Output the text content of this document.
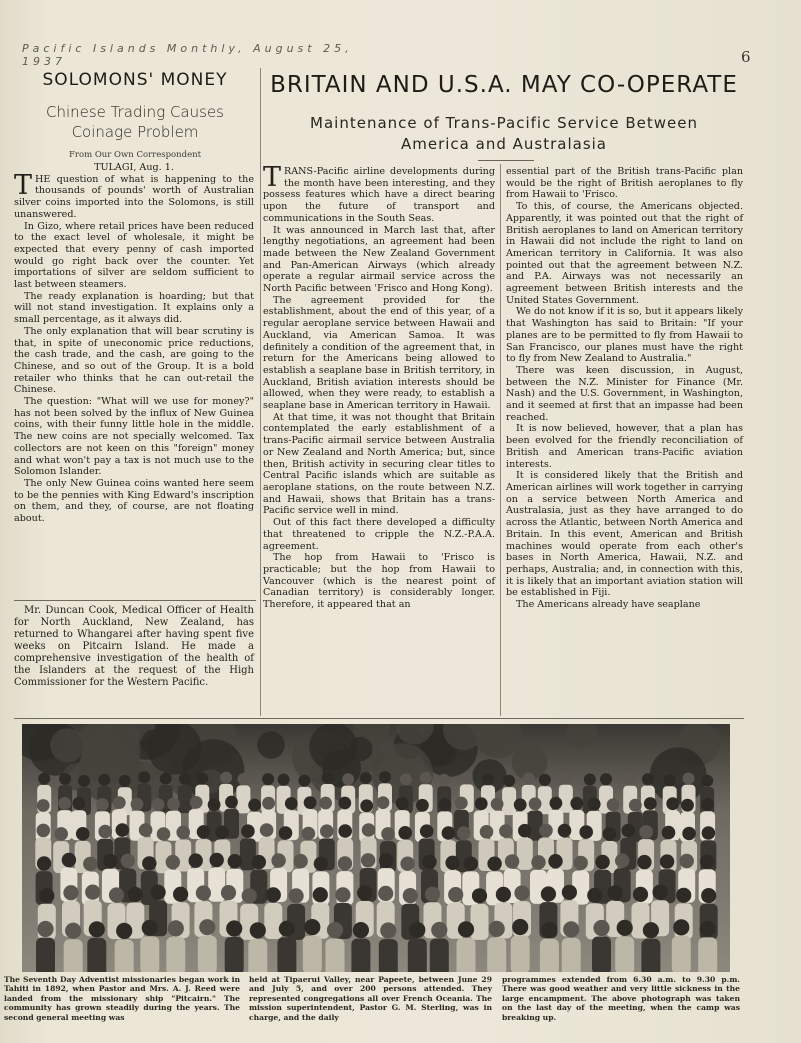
Pacific Islands Monthly, August 25, 1937	6
SOLOMONS' MONEY
Chinese Trading Causes
Coinage Problem
From Our Own Correspondent

TULAGI, Aug. 1.

THE question of what is happening to the thousands of pounds' worth of Australian silver coins imported into the Solomons, is still unanswered.

In Gizo, where retail prices have been reduced to the exact level of wholesale, it might be expected that every penny of cash imported would go right back over the counter. Yet importations of silver are seldom sufficient to last between steamers.

The ready explanation is hoarding; but that will not stand investigation. It explains only a small percentage, as it always did.

The only explanation that will bear scrutiny is that, in spite of uneconomic price reductions, the cash trade, and the cash, are going to the Chinese, and so out of the Group. It is a bold retailer who thinks that he can out-retail the Chinese.

The question: "What will we use for money?" has not been solved by the influx of New Guinea coins, with their funny little hole in the middle. The new coins are not specially welcomed. Tax collectors are not keen on this "foreign" money and what won't pay a tax is not much use to the Solomon Islander.

The only New Guinea coins wanted here seem to be the pennies with King Edward's inscription on them, and they, of course, are not floating about.

Mr. Duncan Cook, Medical Officer of Health for North Auckland, New Zealand, has returned to Whangarei after having spent five weeks on Pitcairn Island. He made a comprehensive investigation of the health of the Islanders at the request of the High Commissioner for the Western Pacific.

BRITAIN AND U.S.A. MAY CO-OPERATE
Maintenance of Trans-Pacific Service Between
America and Australasia

TRANS-Pacific airline developments during the month have been interesting, and they possess features which have a direct bearing upon the future of transport and communications in the South Seas.

It was announced in March last that, after lengthy negotiations, an agreement had been made between the New Zealand Government and Pan-American Airways (which already operate a regular airmail service across the North Pacific between 'Frisco and Hong Kong).

The agreement provided for the establishment, about the end of this year, of a regular aeroplane service between Hawaii and Auckland, via American Samoa. It was definitely a condition of the agreement that, in return for the Americans being allowed to establish a seaplane base in British territory, in Auckland, British aviation interests should be allowed, when they were ready, to establish a seaplane base in American territory in Hawaii.

At that time, it was not thought that Britain contemplated the early establishment of a trans-Pacific airmail service between Australia or New Zealand and North America; but, since then, British activity in securing clear titles to Central Pacific islands which are suitable as aeroplane stations, on the route between N.Z. and Hawaii, shows that Britain has a trans-Pacific service well in mind.

Out of this fact there developed a difficulty that threatened to cripple the N.Z.-P.A.A. agreement.

The hop from Hawaii to 'Frisco is practicable; but the hop from Hawaii to Vancouver (which is the nearest point of Canadian territory) is considerably longer. Therefore, it appeared that an

essential part of the British trans-Pacific plan would be the right of British aeroplanes to fly from Hawaii to 'Frisco.

To this, of course, the Americans objected. Apparently, it was pointed out that the right of British aeroplanes to land on American territory in Hawaii did not include the right to land on American territory in California. It was also pointed out that the agreement between N.Z. and P.A. Airways was not necessarily an agreement between British interests and the United States Government.

We do not know if it is so, but it appears likely that Washington has said to Britain: "If your planes are to be permitted to fly from Hawaii to San Francisco, our planes must have the right to fly from New Zealand to Australia."

There was keen discussion, in August, between the N.Z. Minister for Finance (Mr. Nash) and the U.S. Government, in Washington, and it seemed at first that an impasse had been reached.

It is now believed, however, that a plan has been evolved for the friendly reconciliation of British and American trans-Pacific aviation interests.

It is considered likely that the British and American airlines will work together in carrying on a service between North America and Australasia, just as they have arranged to do across the Atlantic, between North America and Britain. In this event, American and British machines would operate from each other's bases in North America, Hawaii, N.Z. and perhaps, Australia; and, in connection with this, it is likely that an important aviation station will be established in Fiji.

The Americans already have seaplane

The Seventh Day Adventist missionaries began work in Tahiti in 1892, when Pastor and Mrs. A. J. Reed were landed from the missionary ship "Pitcairn." The community has grown steadily during the years. The second general meeting was

held at Tipaerui Valley, near Papeete, between June 29 and July 5, and over 200 persons attended. They represented congregations all over French Oceania. The mission superintendent, Pastor G. M. Sterling, was in charge, and the daily

programmes extended from 6.30 a.m. to 9.30 p.m. There was good weather and very little sickness in the large encampment. The above photograph was taken on the last day of the meeting, when the camp was breaking up.
